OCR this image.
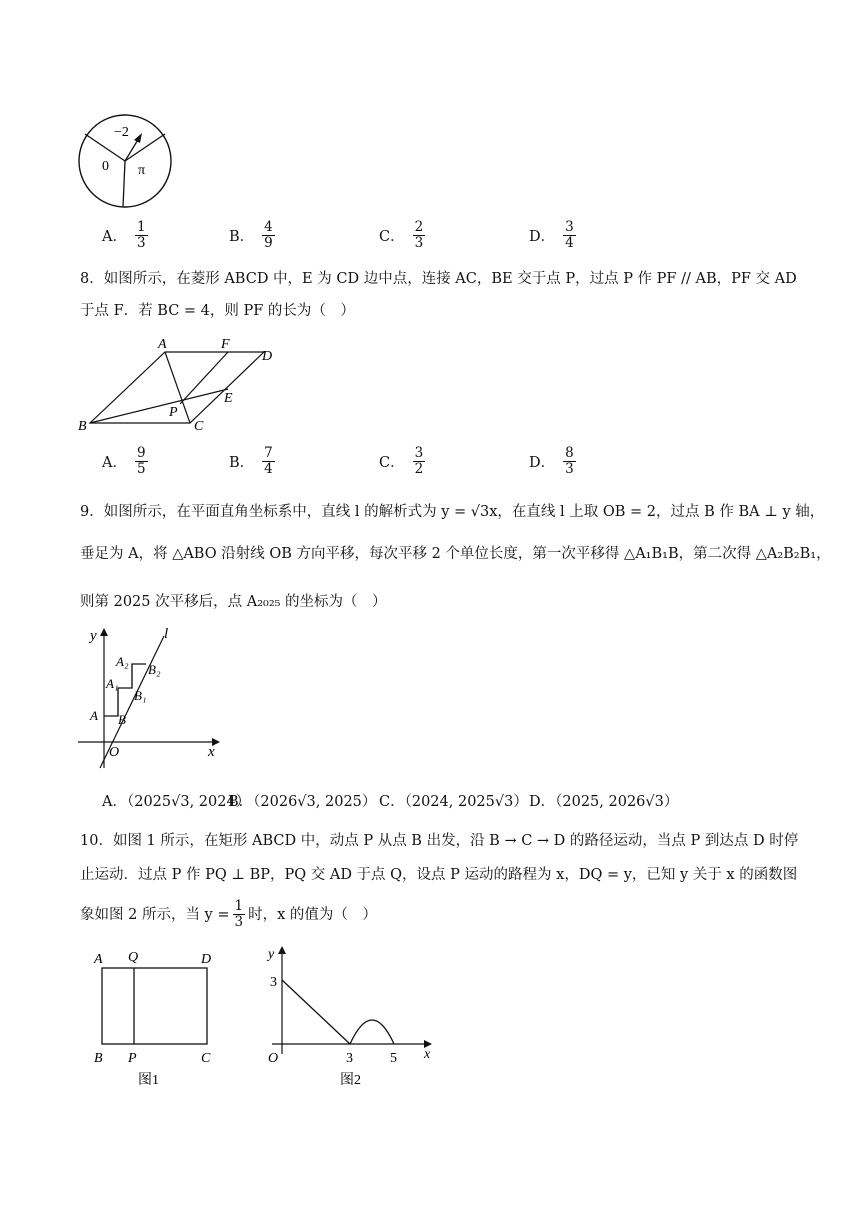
−2
0 π
A． $\frac{1}{3}$	B． $\frac{4}{9}$	C． $\frac{2}{3}$	D． $\frac{3}{4}$
8．如图所示，在菱形 ABCD 中，E 为 CD 边中点，连接 AC，BE 交于点 P，过点 P 作 PF // AB，PF 交 AD
于点 F．若 BC = 4，则 PF 的长为（　）
A	F
D
B
P
C
E
A． $\frac{9}{5}$	B． $\frac{7}{4}$	C． $\frac{3}{2}$	D． $\frac{8}{3}$
9．如图所示，在平面直角坐标系中，直线 l 的解析式为 y = √3x，在直线 l 上取 OB = 2，过点 B 作 BA ⊥ y 轴，
垂足为 A，将 △ABO 沿射线 OB 方向平移，每次平移 2 个单位长度，第一次平移得 △A₁B₁B，第二次得 △A₂B₂B₁，
则第 2025 次平移后，点 A₂₀₂₅ 的坐标为（　）
y	l
A₂
B₂
A₁
B₁
A B
O	x
A．（2025√3, 2024）
B．（2026√3, 2025） C．（2024, 2025√3） D．（2025, 2026√3）
10．如图 1 所示，在矩形 ABCD 中，动点 P 从点 B 出发，沿 B → C → D 的路径运动，当点 P 到达点 D 时停
止运动．过点 P 作 PQ ⊥ BP，PQ 交 AD 于点 Q，设点 P 运动的路程为 x，DQ = y，已知 y 关于 x 的函数图
象如图 2 所示，当 $y = \frac{1}{3}$ 时，x 的值为（　）
A Q	D
B P	C
图1
y
3
O	3	5 x
图2
